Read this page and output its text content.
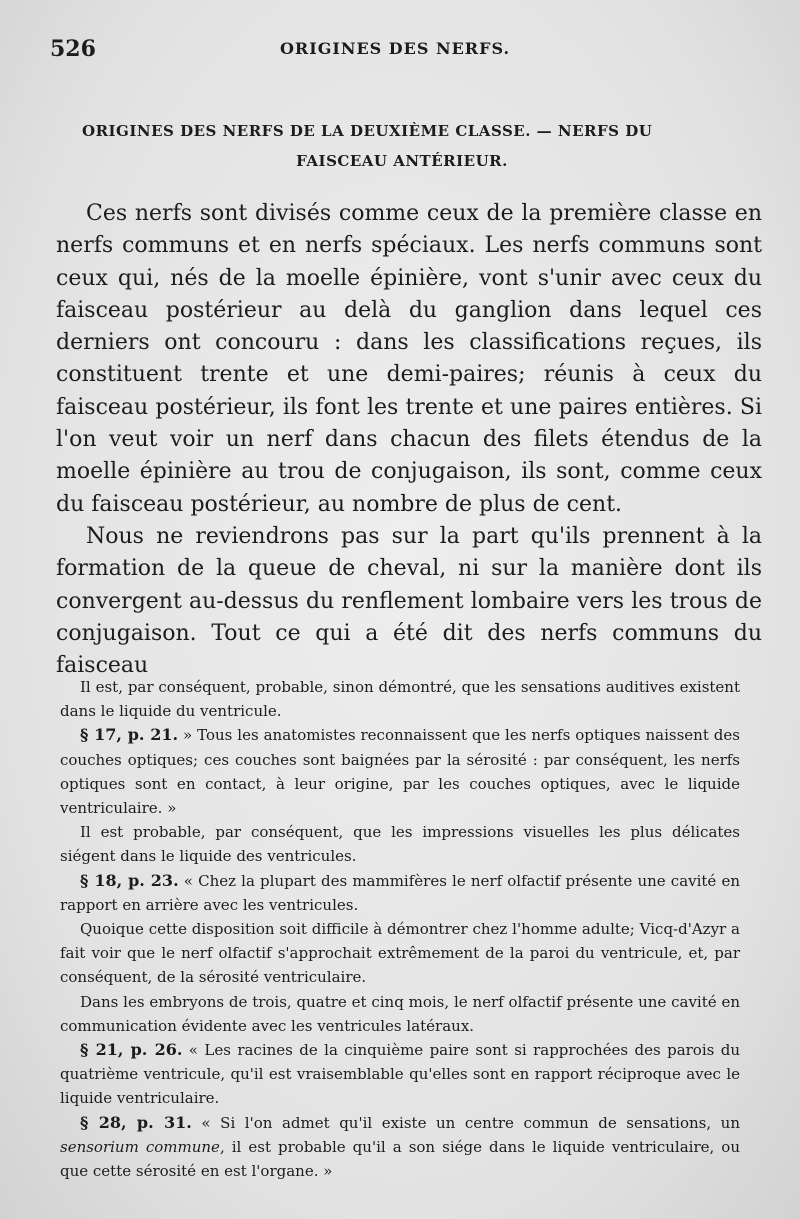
526	ORIGINES DES NERFS.
ORIGINES DES NERFS DE LA DEUXIÈME CLASSE. — NERFS DU
FAISCEAU ANTÉRIEUR.

Ces nerfs sont divisés comme ceux de la première classe en nerfs communs et en nerfs spéciaux. Les nerfs communs sont ceux qui, nés de la moelle épinière, vont s'unir avec ceux du faisceau postérieur au delà du ganglion dans lequel ces derniers ont concouru : dans les classifications reçues, ils constituent trente et une demi-paires; réunis à ceux du faisceau postérieur, ils font les trente et une paires entières. Si l'on veut voir un nerf dans chacun des filets étendus de la moelle épinière au trou de conjugaison, ils sont, comme ceux du faisceau postérieur, au nombre de plus de cent.

Nous ne reviendrons pas sur la part qu'ils prennent à la formation de la queue de cheval, ni sur la manière dont ils convergent au-dessus du renflement lombaire vers les trous de conjugaison. Tout ce qui a été dit des nerfs communs du faisceau

Il est, par conséquent, probable, sinon démontré, que les sensations auditives existent dans le liquide du ventricule.

§ 17, p. 21. » Tous les anatomistes reconnaissent que les nerfs optiques naissent des couches optiques; ces couches sont baignées par la sérosité : par conséquent, les nerfs optiques sont en contact, à leur origine, par les couches optiques, avec le liquide ventriculaire. »

Il est probable, par conséquent, que les impressions visuelles les plus délicates siégent dans le liquide des ventricules.

§ 18, p. 23. « Chez la plupart des mammifères le nerf olfactif présente une cavité en rapport en arrière avec les ventricules.

Quoique cette disposition soit difficile à démontrer chez l'homme adulte; Vicq-d'Azyr a fait voir que le nerf olfactif s'approchait extrêmement de la paroi du ventricule, et, par conséquent, de la sérosité ventriculaire.

Dans les embryons de trois, quatre et cinq mois, le nerf olfactif présente une cavité en communication évidente avec les ventricules latéraux.

§ 21, p. 26. « Les racines de la cinquième paire sont si rapprochées des parois du quatrième ventricule, qu'il est vraisemblable qu'elles sont en rapport réciproque avec le liquide ventriculaire.

§ 28, p. 31. « Si l'on admet qu'il existe un centre commun de sensations, un sensorium commune, il est probable qu'il a son siége dans le liquide ventriculaire, ou que cette sérosité en est l'organe. »
